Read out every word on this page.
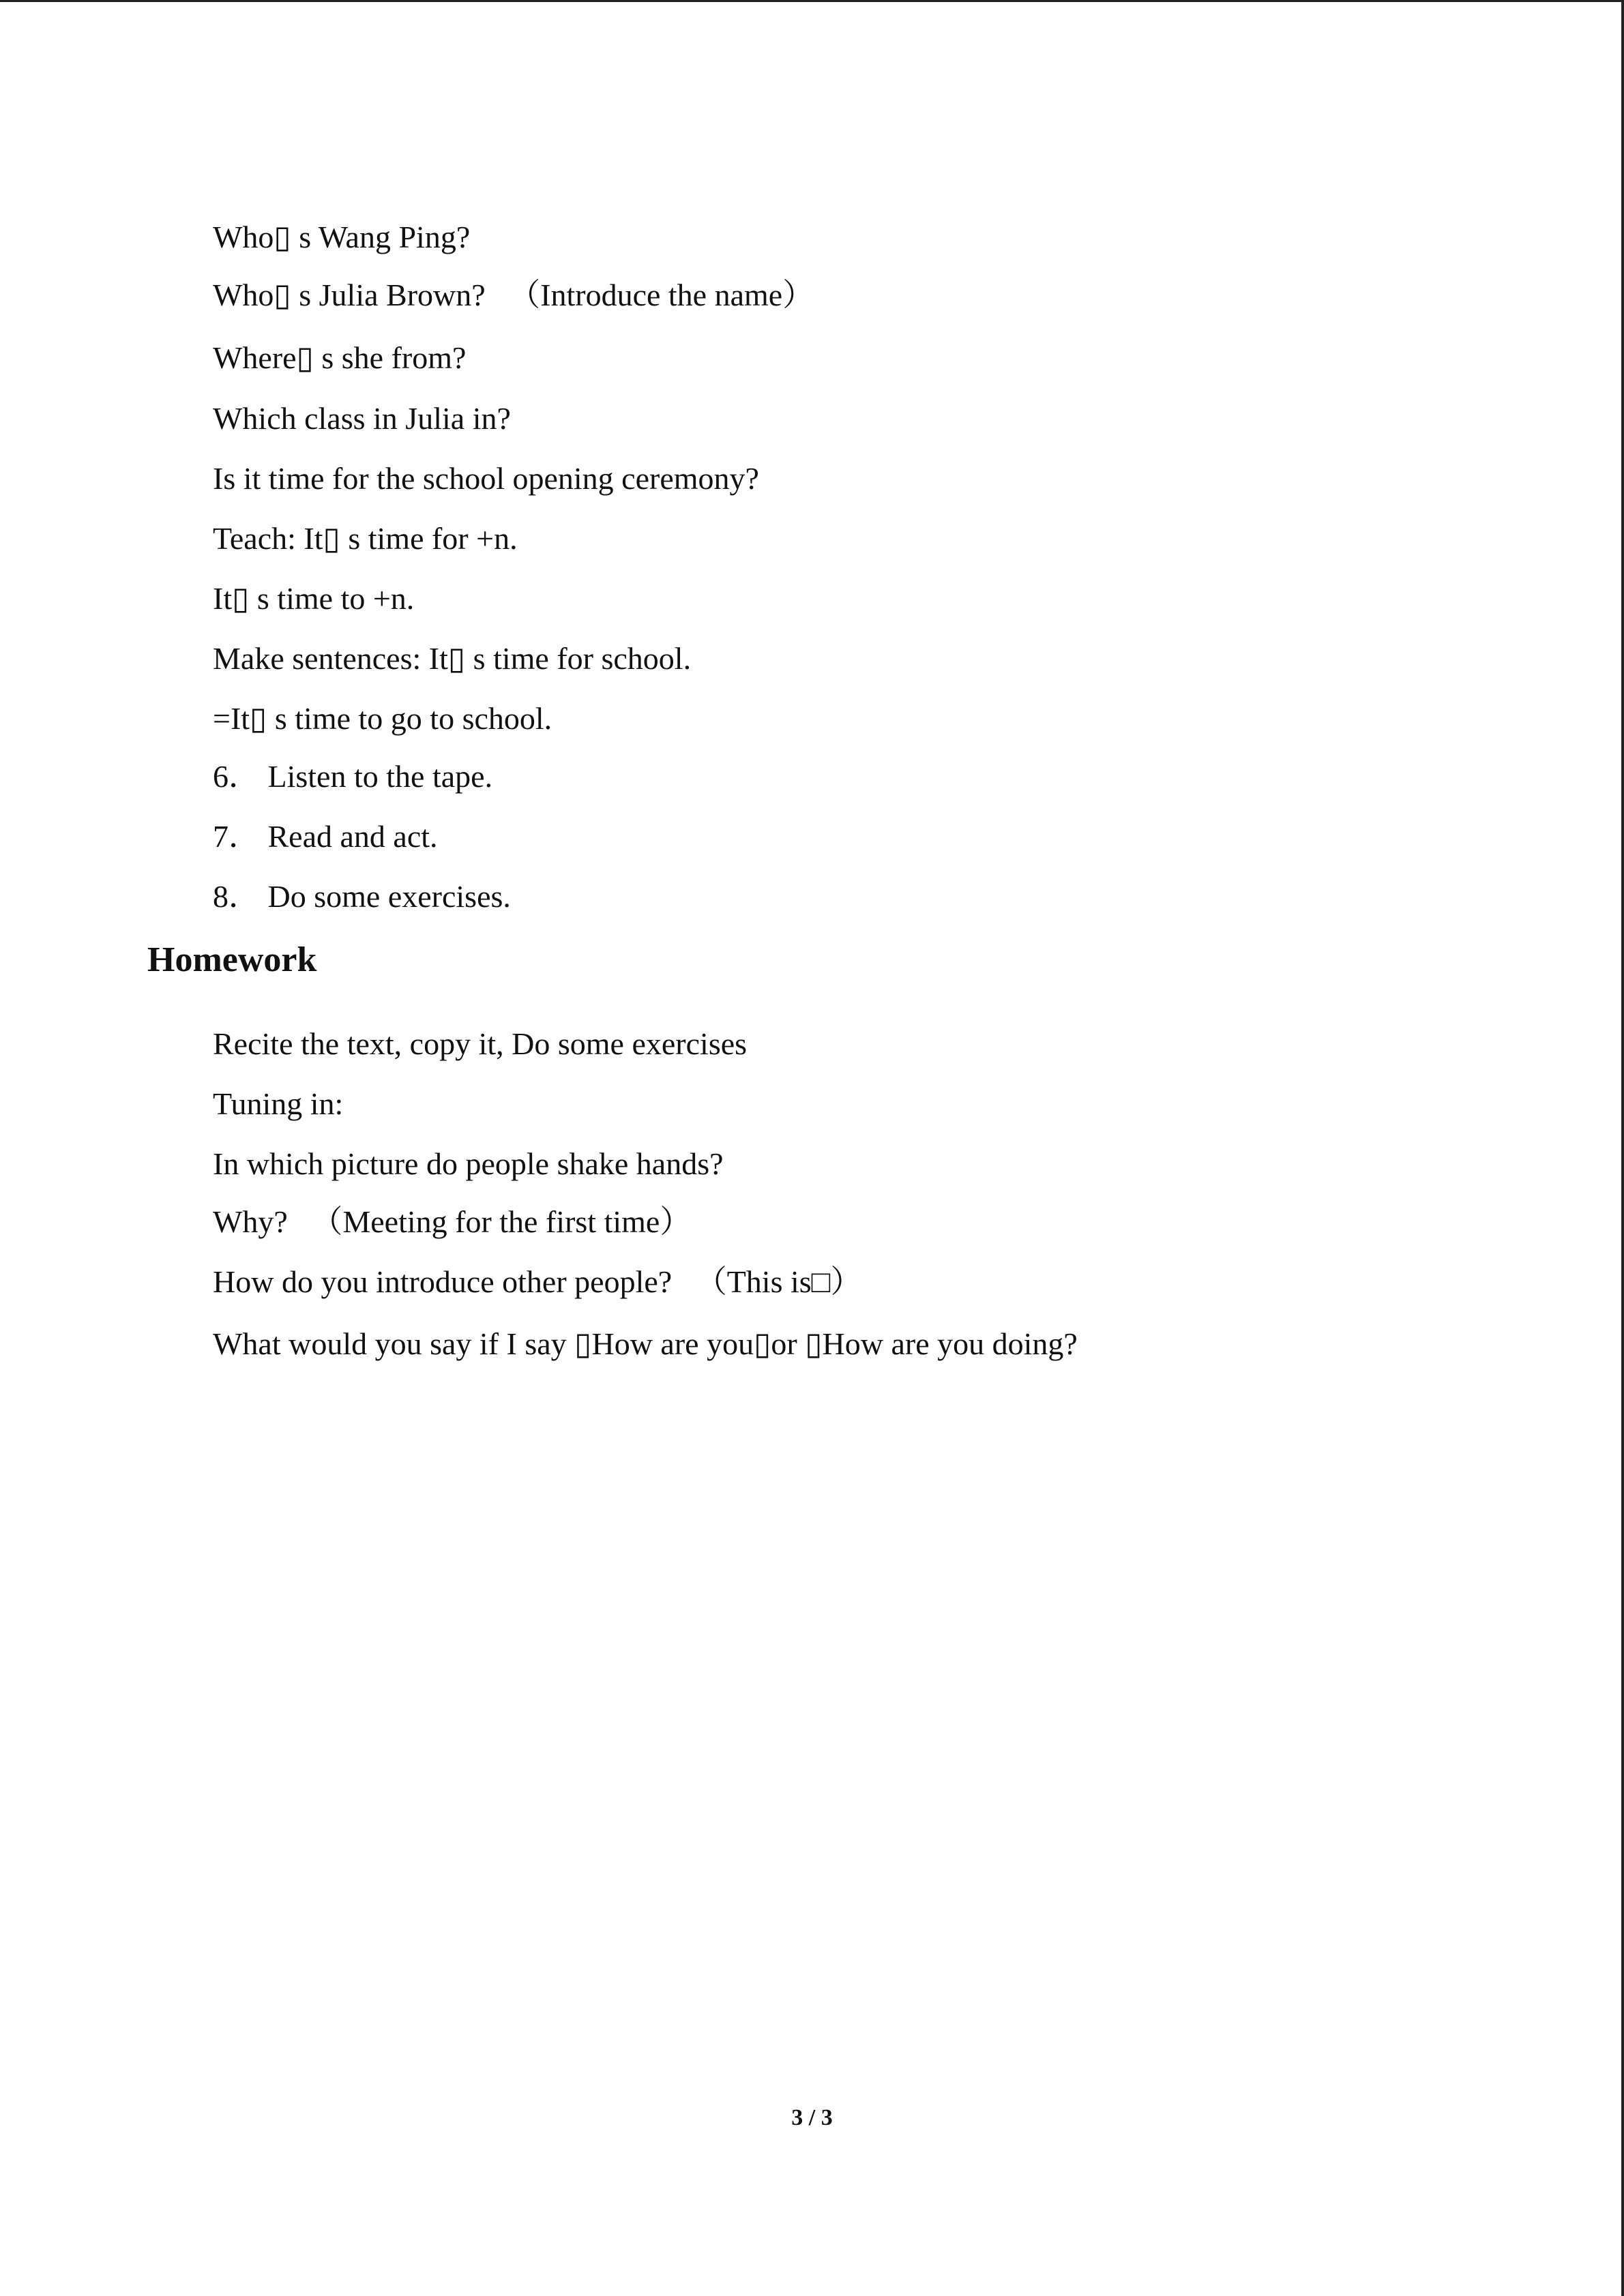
Who▯ s Wang Ping?

Who▯ s Julia Brown? 　（Introduce the name）

Where▯ s she from?

Which class in Julia in?

Is it time for the school opening ceremony?

Teach: It▯ s time for +n.

It▯ s time to +n.

Make sentences: It▯ s time for school.

=It▯ s time to go to school.

6． Listen to the tape.

7． Read and act.

8． Do some exercises.

Homework

Recite the text, copy it, Do some exercises

Tuning in:

In which picture do people shake hands?

Why? 　（Meeting for the first time）

How do you introduce other people? 　（This is□）

What would you say if I say ▯How are you▯or ▯How are you doing?

3 / 3
